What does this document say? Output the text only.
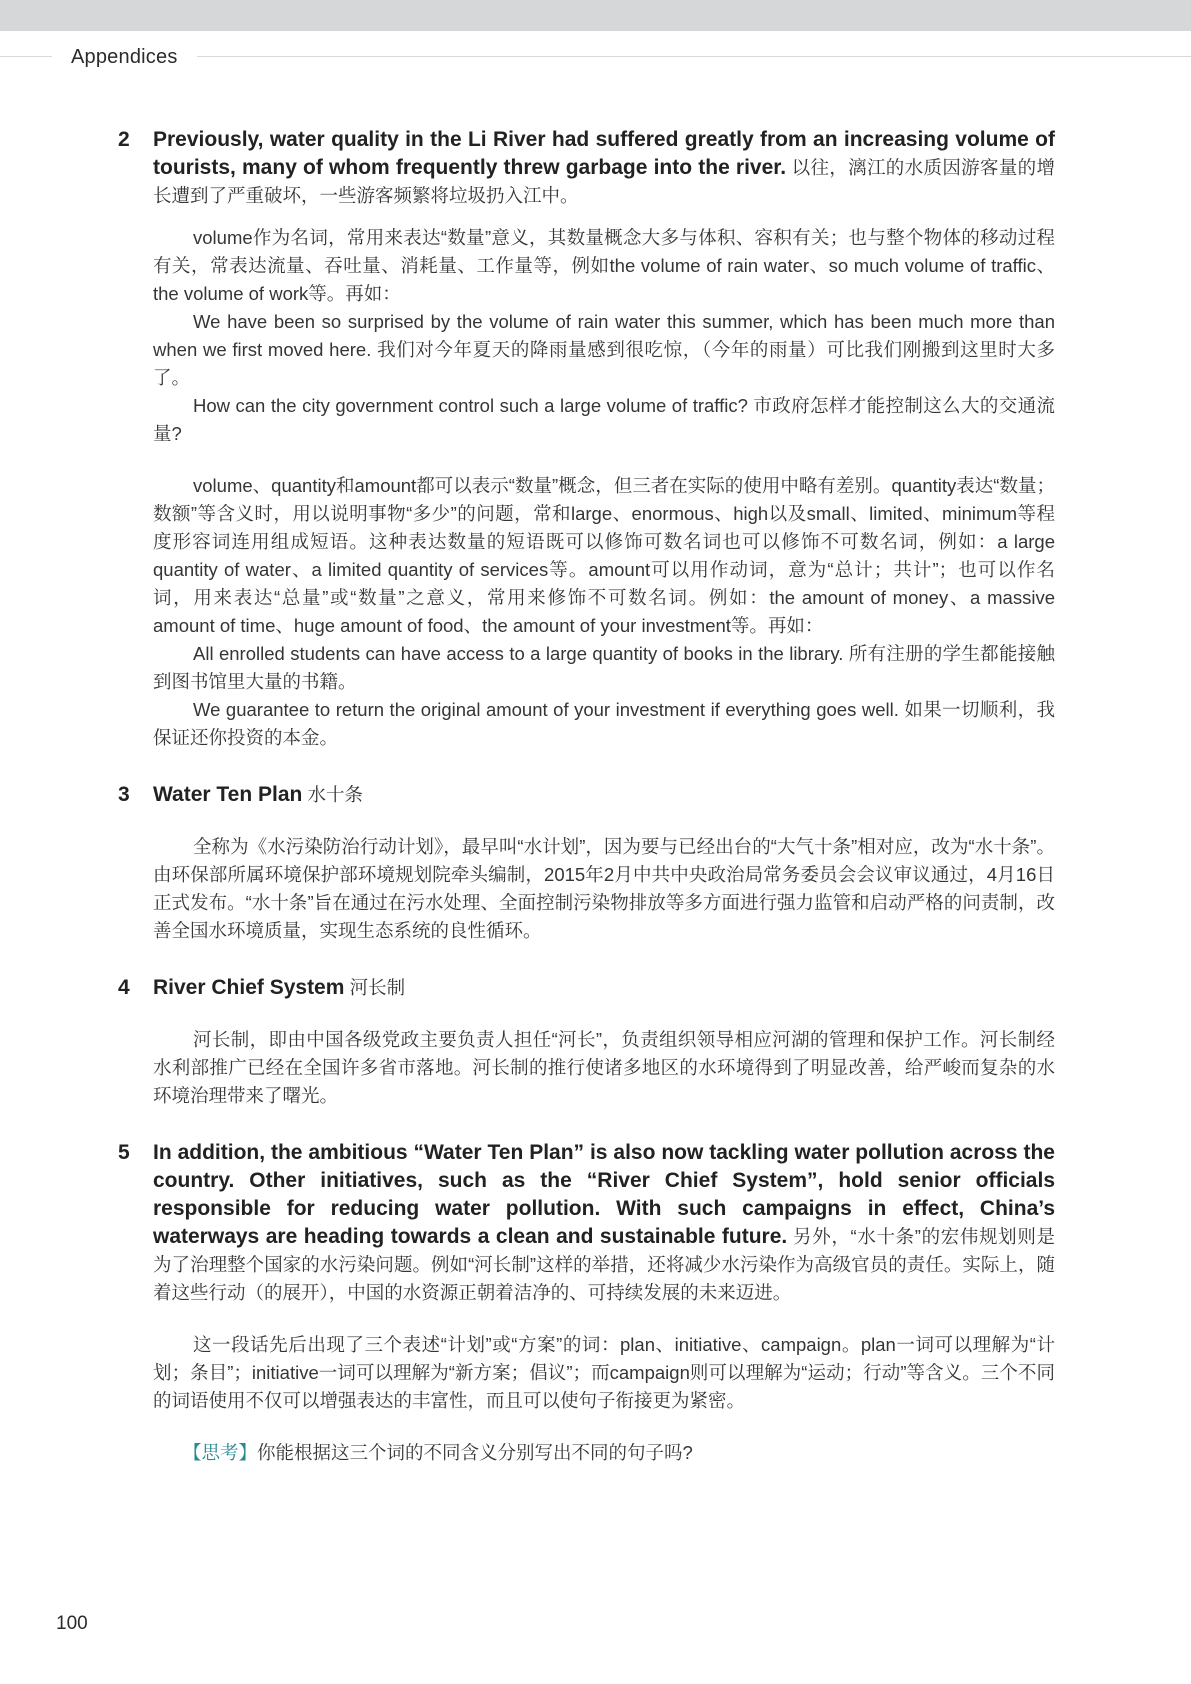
Appendices
2 Previously, water quality in the Li River had suffered greatly from an increasing volume of tourists, many of whom frequently threw garbage into the river. 以往，漓江的水质因游客量的增长遭到了严重破坏，一些游客频繁将垃圾扔入江中。

volume作为名词，常用来表达“数量”意义，其数量概念大多与体积、容积有关；也与整个物体的移动过程有关，常表达流量、吞吐量、消耗量、工作量等，例如the volume of rain water、so much volume of traffic、the volume of work等。再如：

We have been so surprised by the volume of rain water this summer, which has been much more than when we first moved here. 我们对今年夏天的降雨量感到很吃惊，（今年的雨量）可比我们刚搬到这里时大多了。

How can the city government control such a large volume of traffic? 市政府怎样才能控制这么大的交通流量?

volume、quantity和amount都可以表示“数量”概念，但三者在实际的使用中略有差别。quantity表达“数量；数额”等含义时，用以说明事物“多少”的问题，常和large、enormous、high以及small、limited、minimum等程度形容词连用组成短语。这种表达数量的短语既可以修饰可数名词也可以修饰不可数名词，例如：a large quantity of water、a limited quantity of services等。amount可以用作动词，意为“总计；共计”；也可以作名词，用来表达“总量”或“数量”之意义，常用来修饰不可数名词。例如：the amount of money、a massive amount of time、huge amount of food、the amount of your investment等。再如：

All enrolled students can have access to a large quantity of books in the library. 所有注册的学生都能接触到图书馆里大量的书籍。

We guarantee to return the original amount of your investment if everything goes well. 如果一切顺利，我保证还你投资的本金。

3 Water Ten Plan 水十条

全称为《水污染防治行动计划》，最早叫“水计划”，因为要与已经出台的“大气十条”相对应，改为“水十条”。由环保部所属环境保护部环境规划院牵头编制，2015年2月中共中央政治局常务委员会会议审议通过，4月16日正式发布。“水十条”旨在通过在污水处理、全面控制污染物排放等多方面进行强力监管和启动严格的问责制，改善全国水环境质量，实现生态系统的良性循环。

4 River Chief System 河长制

河长制，即由中国各级党政主要负责人担任“河长”，负责组织领导相应河湖的管理和保护工作。河长制经水利部推广已经在全国许多省市落地。河长制的推行使诸多地区的水环境得到了明显改善，给严峻而复杂的水环境治理带来了曙光。

5 In addition, the ambitious “Water Ten Plan” is also now tackling water pollution across the country. Other initiatives, such as the “River Chief System”, hold senior officials responsible for reducing water pollution. With such campaigns in effect, China’s waterways are heading towards a clean and sustainable future. 另外，“水十条”的宏伟规划则是为了治理整个国家的水污染问题。例如“河长制”这样的举措，还将减少水污染作为高级官员的责任。实际上，随着这些行动（的展开），中国的水资源正朝着洁净的、可持续发展的未来迈进。

这一段话先后出现了三个表述“计划”或“方案”的词：plan、initiative、campaign。plan一词可以理解为“计划；条目”；initiative一词可以理解为“新方案；倡议”；而campaign则可以理解为“运动；行动”等含义。三个不同的词语使用不仅可以增强表达的丰富性，而且可以使句子衔接更为紧密。

【思考】你能根据这三个词的不同含义分别写出不同的句子吗?

100
